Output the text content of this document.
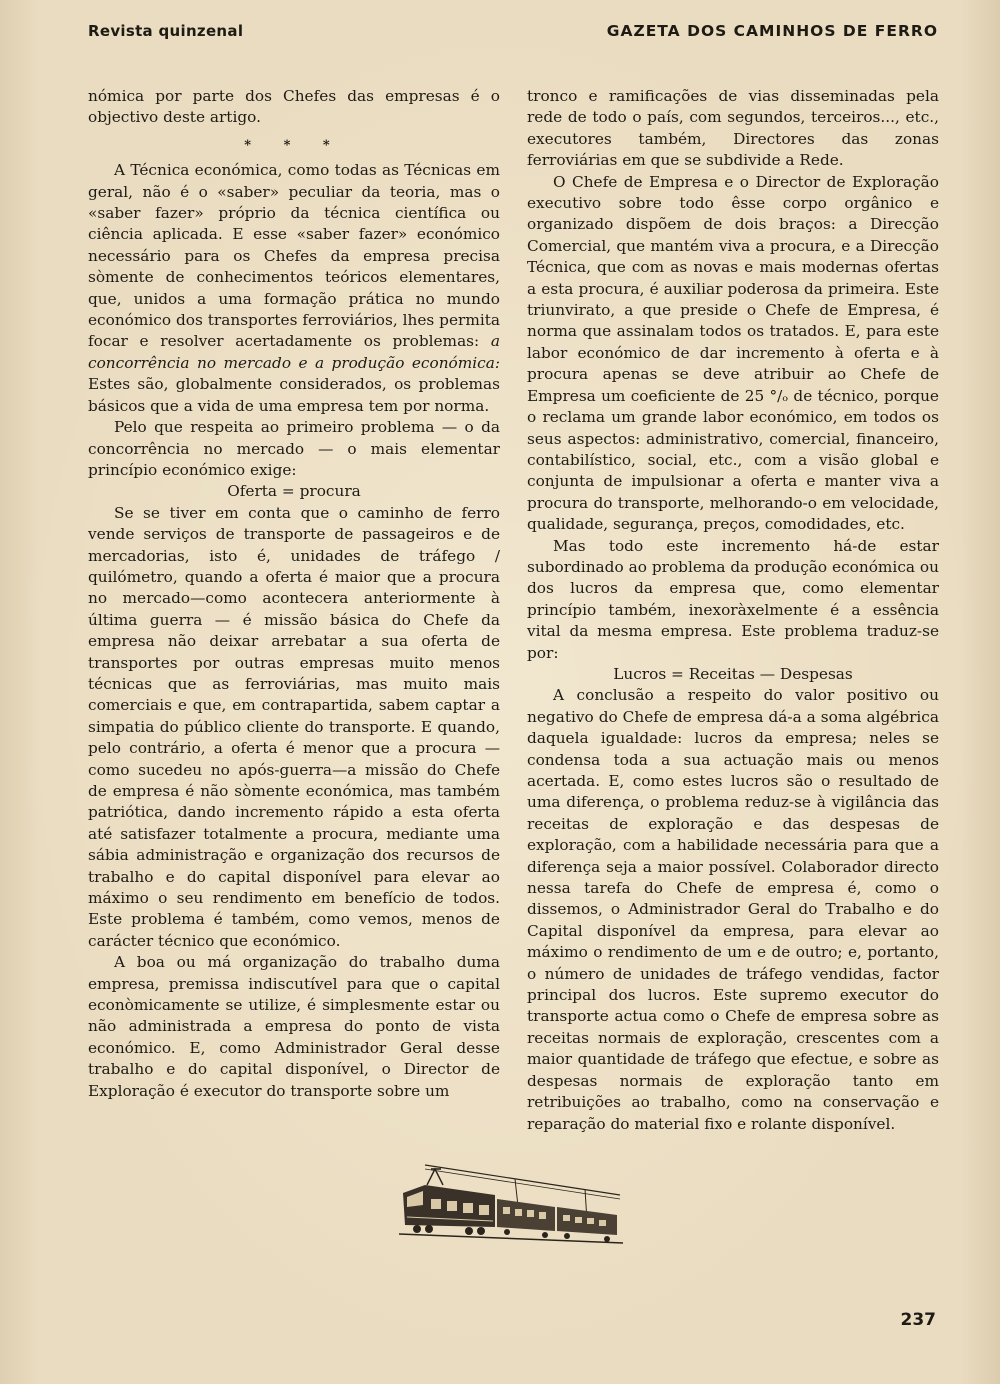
Revista quinzenal	GAZETA DOS CAMINHOS DE FERRO

nómica por parte dos Chefes das empresas é o objectivo deste artigo.

* * *

A Técnica económica, como todas as Técnicas em geral, não é o «saber» peculiar da teoria, mas o «saber fazer» próprio da técnica científica ou ciência aplicada. E esse «saber fazer» económico necessário para os Chefes da empresa precisa sòmente de conhecimentos teóricos elementares, que, unidos a uma formação prática no mundo económico dos transportes ferroviários, lhes permita focar e resolver acertadamente os problemas: a concorrência no mercado e a produção económica: Estes são, globalmente considerados, os problemas básicos que a vida de uma empresa tem por norma.

Pelo que respeita ao primeiro problema — o da concorrência no mercado — o mais elementar princípio económico exige:

Oferta = procura

Se se tiver em conta que o caminho de ferro vende serviços de transporte de passageiros e de mercadorias, isto é, unidades de tráfego / quilómetro, quando a oferta é maior que a procura no mercado—como acontecera anteriormente à última guerra — é missão básica do Chefe da empresa não deixar arrebatar a sua oferta de transportes por outras empresas muito menos técnicas que as ferroviárias, mas muito mais comerciais e que, em contrapartida, sabem captar a simpatia do público cliente do transporte. E quando, pelo contrário, a oferta é menor que a procura — como sucedeu no após-guerra—a missão do Chefe de empresa é não sòmente económica, mas também patriótica, dando incremento rápido a esta oferta até satisfazer totalmente a procura, mediante uma sábia administração e organização dos recursos de trabalho e do capital disponível para elevar ao máximo o seu rendimento em benefício de todos. Este problema é também, como vemos, menos de carácter técnico que económico.

A boa ou má organização do trabalho duma empresa, premissa indiscutível para que o capital econòmicamente se utilize, é simplesmente estar ou não administrada a empresa do ponto de vista económico. E, como Administrador Geral desse trabalho e do capital disponível, o Director de Exploração é executor do transporte sobre um

tronco e ramificações de vias disseminadas pela rede de todo o país, com segundos, terceiros..., etc., executores também, Directores das zonas ferroviárias em que se subdivide a Rede.

O Chefe de Empresa e o Director de Exploração executivo sobre todo êsse corpo orgânico e organizado dispõem de dois braços: a Direcção Comercial, que mantém viva a procura, e a Direcção Técnica, que com as novas e mais modernas ofertas a esta procura, é auxiliar poderosa da primeira. Este triunvirato, a que preside o Chefe de Empresa, é norma que assinalam todos os tratados. E, para este labor económico de dar incremento à oferta e à procura apenas se deve atribuir ao Chefe de Empresa um coeficiente de 25 °/ₒ de técnico, porque o reclama um grande labor económico, em todos os seus aspectos: administrativo, comercial, financeiro, contabilístico, social, etc., com a visão global e conjunta de impulsionar a oferta e manter viva a procura do transporte, melhorando-o em velocidade, qualidade, segurança, preços, comodidades, etc.

Mas todo este incremento há-de estar subordinado ao problema da produção económica ou dos lucros da empresa que, como elementar princípio também, inexoràxelmente é a essência vital da mesma empresa. Este problema traduz-se por:

Lucros = Receitas — Despesas

A conclusão a respeito do valor positivo ou negativo do Chefe de empresa dá-a a soma algébrica daquela igualdade: lucros da empresa; neles se condensa toda a sua actuação mais ou menos acertada. E, como estes lucros são o resultado de uma diferença, o problema reduz-se à vigilância das receitas de exploração e das despesas de exploração, com a habilidade necessária para que a diferença seja a maior possível. Colaborador directo nessa tarefa do Chefe de empresa é, como o dissemos, o Administrador Geral do Trabalho e do Capital disponível da empresa, para elevar ao máximo o rendimento de um e de outro; e, portanto, o número de unidades de tráfego vendidas, factor principal dos lucros. Este supremo executor do transporte actua como o Chefe de empresa sobre as receitas normais de exploração, crescentes com a maior quantidade de tráfego que efectue, e sobre as despesas normais de exploração tanto em retribuições ao trabalho, como na conservação e reparação do material fixo e rolante disponível.

237
